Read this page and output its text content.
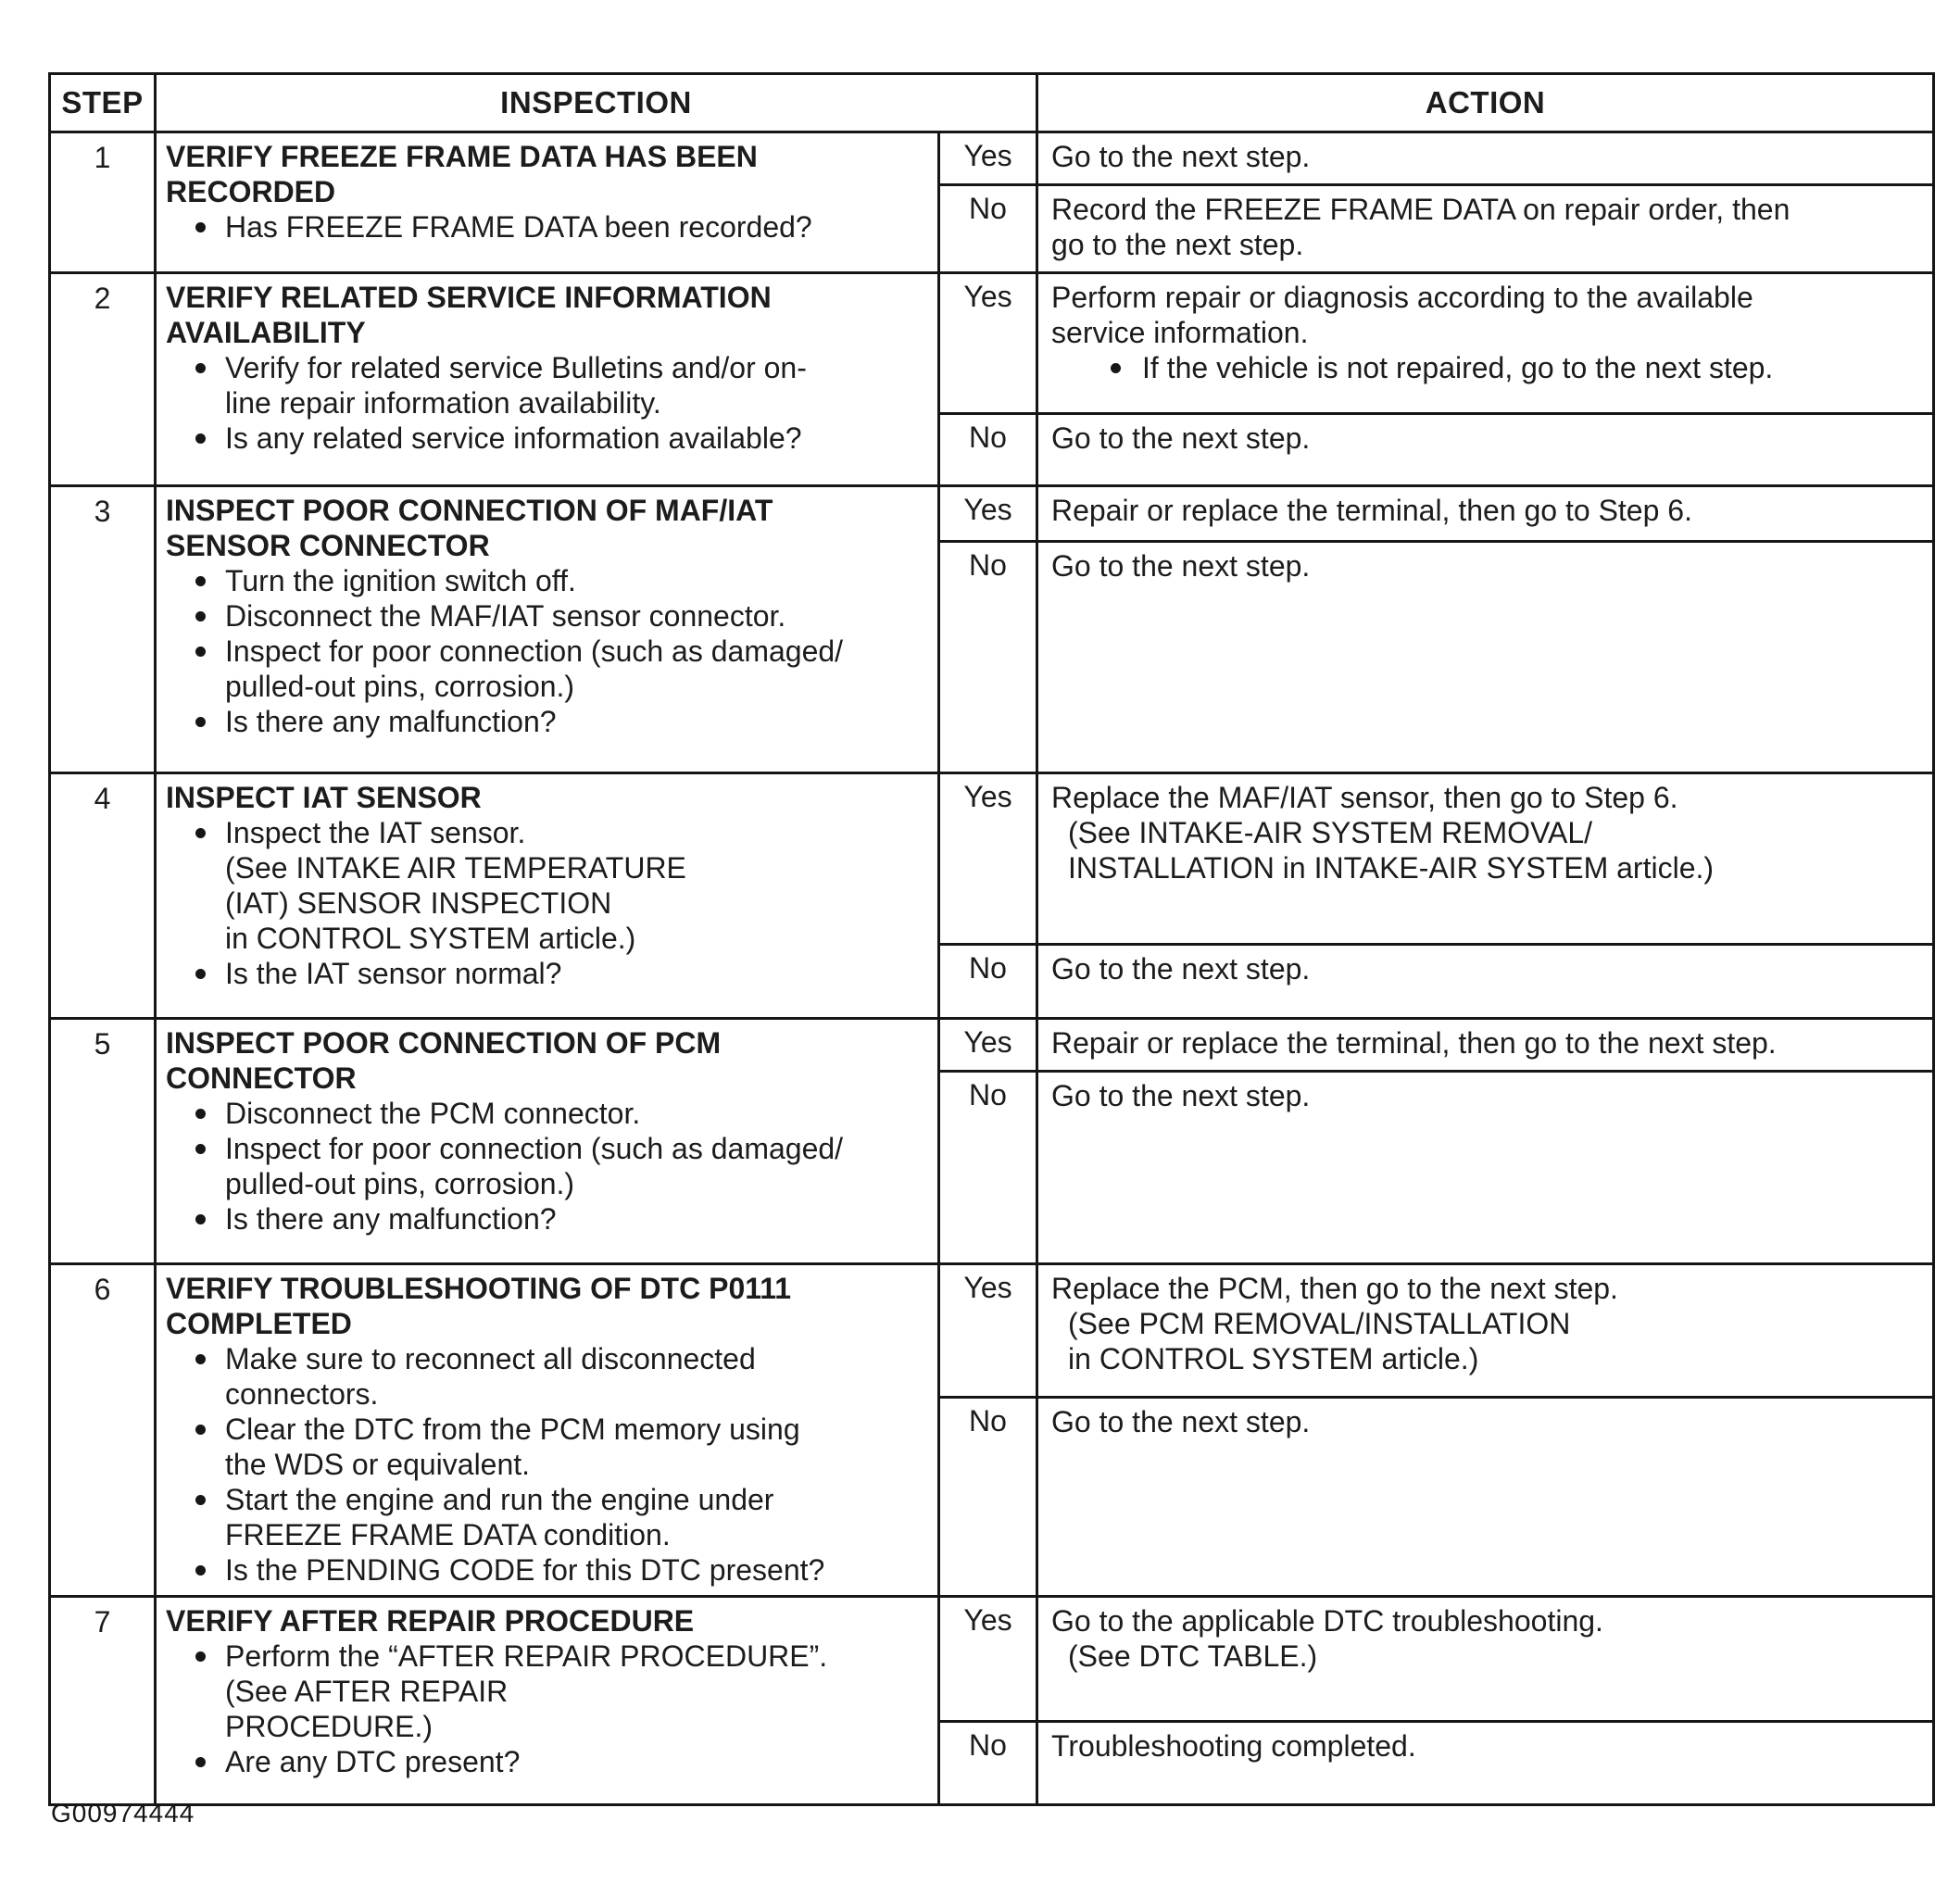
STEP	INSPECTION		ACTION

1	VERIFY FREEZE FRAME DATA HAS BEEN
RECORDED
Has FREEZE FRAME DATA been recorded?	Yes	Go to the next step.

		No	Record the FREEZE FRAME DATA on repair order, then
go to the next step.

2	VERIFY RELATED SERVICE INFORMATION
AVAILABILITY
Verify for related service Bulletins and/or on-
line repair information availability.
Is any related service information available?
	Yes	Perform repair or diagnosis according to the available
service information.
If the vehicle is not repaired, go to the next step.

		No	Go to the next step.

3	INSPECT POOR CONNECTION OF MAF/IAT
SENSOR CONNECTOR
Turn the ignition switch off.
Disconnect the MAF/IAT sensor connector.
Inspect for poor connection (such as damaged/
pulled-out pins, corrosion.)
Is there any malfunction?
	Yes	Repair or replace the terminal, then go to Step 6.

		No	Go to the next step.

4	INSPECT IAT SENSOR
Inspect the IAT sensor.
(See INTAKE AIR TEMPERATURE
(IAT) SENSOR INSPECTION
in CONTROL SYSTEM article.)
Is the IAT sensor normal?
	Yes	Replace the MAF/IAT sensor, then go to Step 6.
(See INTAKE-AIR SYSTEM REMOVAL/
INSTALLATION in INTAKE-AIR SYSTEM article.)

		No	Go to the next step.

5	INSPECT POOR CONNECTION OF PCM
CONNECTOR
Disconnect the PCM connector.
Inspect for poor connection (such as damaged/
pulled-out pins, corrosion.)
Is there any malfunction?
	Yes	Repair or replace the terminal, then go to the next step.

		No	Go to the next step.

6	VERIFY TROUBLESHOOTING OF DTC P0111
COMPLETED
Make sure to reconnect all disconnected
connectors.
Clear the DTC from the PCM memory using
the WDS or equivalent.
Start the engine and run the engine under
FREEZE FRAME DATA condition.
Is the PENDING CODE for this DTC present?
	Yes	Replace the PCM, then go to the next step.
(See PCM REMOVAL/INSTALLATION
in CONTROL SYSTEM article.)

		No	Go to the next step.

7	VERIFY AFTER REPAIR PROCEDURE
Perform the “AFTER REPAIR PROCEDURE”.
(See AFTER REPAIR
PROCEDURE.)
Are any DTC present?
	Yes	Go to the applicable DTC troubleshooting.
(See DTC TABLE.)

		No	Troubleshooting completed.
G00974444
